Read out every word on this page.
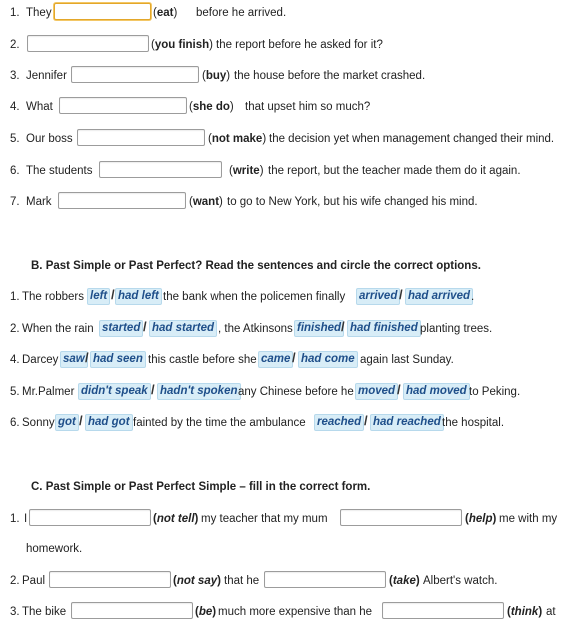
1. They	(eat) before he arrived.
2.	(you finish) the report before he asked for it?
3. Jennifer	(buy) the house before the market crashed.
4. What	(she do) that upset him so much?
5. Our boss	(not make) the decision yet when management changed their mind.
6. The students	(write) the report, but the teacher made them do it again.
7. Mark	(want) to go to New York, but his wife changed his mind.
B. Past Simple or Past Perfect? Read the sentences and circle the correct options.
1. The robbers left / had left the bank when the policemen finally arrived / had arrived .
2. When the rain started / had started , the Atkinsons finished / had finished planting trees.
4. Darcey saw / had seen this castle before she came / had come again last Sunday.
5. Mr.Palmer didn't speak / hadn't spoken any Chinese before he moved / had moved to Peking.
6. Sonny got / had got fainted by the time the ambulance reached / had reached the hospital.
C. Past Simple or Past Perfect Simple – fill in the correct form.
1. I	(not tell) my teacher that my mum	(help) me with my
homework.
2. Paul	(not say) that he	(take) Albert's watch.
3. The bike	(be) much more expensive than he	(think) at
